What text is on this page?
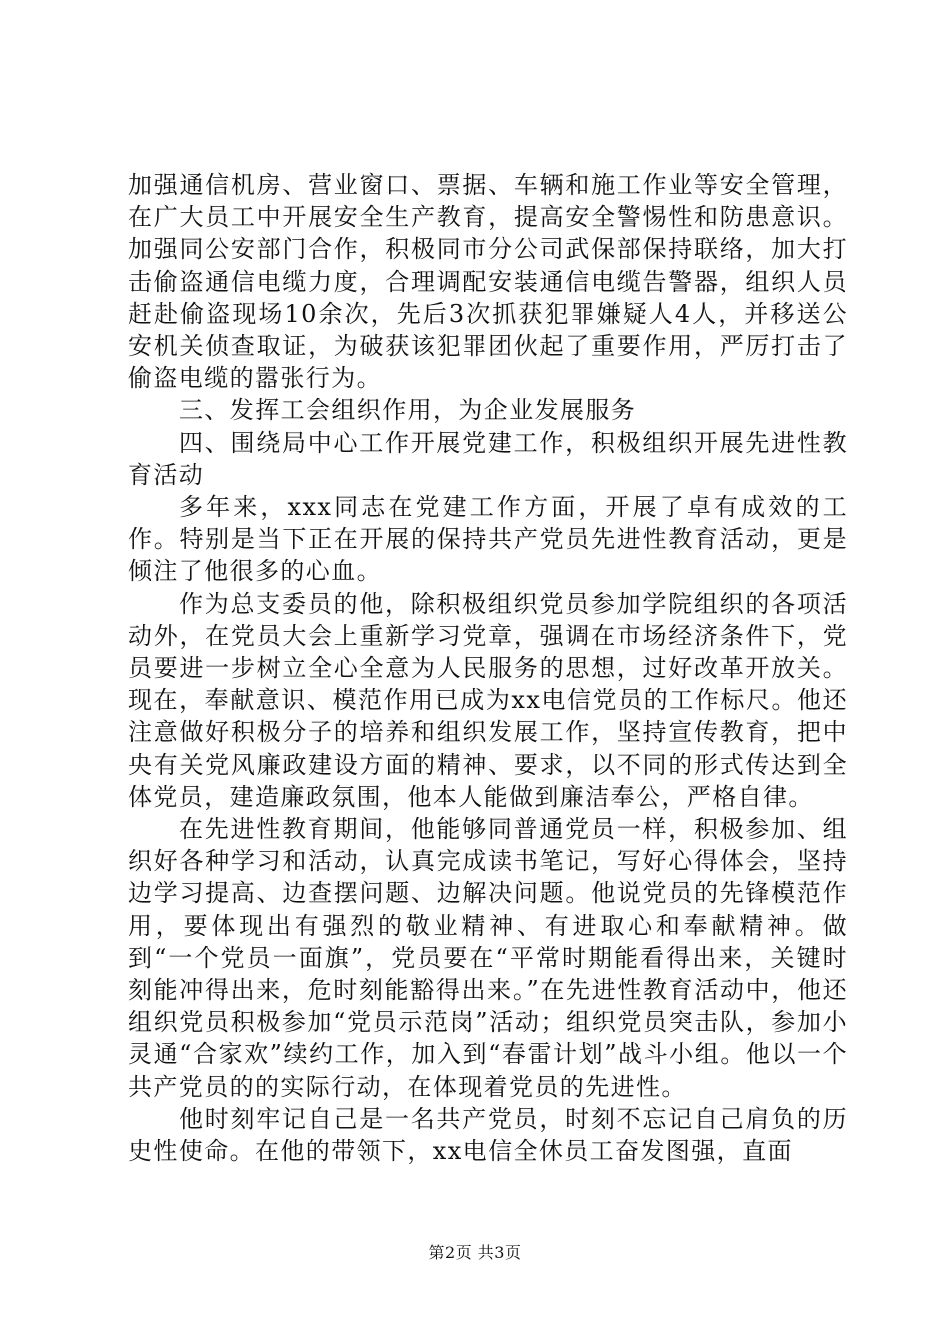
加强通信机房、营业窗口、票据、车辆和施工作业等安全管理，在广大员工中开展安全生产教育，提高安全警惕性和防患意识。加强同公安部门合作，积极同市分公司武保部保持联络，加大打击偷盗通信电缆力度，合理调配安装通信电缆告警器，组织人员赶赴偷盗现场10余次，先后3次抓获犯罪嫌疑人4人，并移送公安机关侦查取证，为破获该犯罪团伙起了重要作用，严厉打击了偷盗电缆的嚣张行为。

三、发挥工会组织作用，为企业发展服务

四、围绕局中心工作开展党建工作，积极组织开展先进性教育活动

多年来，xxx同志在党建工作方面，开展了卓有成效的工作。特别是当下正在开展的保持共产党员先进性教育活动，更是倾注了他很多的心血。

作为总支委员的他，除积极组织党员参加学院组织的各项活动外，在党员大会上重新学习党章，强调在市场经济条件下，党员要进一步树立全心全意为人民服务的思想，过好改革开放关。现在，奉献意识、模范作用已成为xx电信党员的工作标尺。他还注意做好积极分子的培养和组织发展工作，坚持宣传教育，把中央有关党风廉政建设方面的精神、要求，以不同的形式传达到全体党员，建造廉政氛围，他本人能做到廉洁奉公，严格自律。

在先进性教育期间，他能够同普通党员一样，积极参加、组织好各种学习和活动，认真完成读书笔记，写好心得体会，坚持边学习提高、边查摆问题、边解决问题。他说党员的先锋模范作用，要体现出有强烈的敬业精神、有进取心和奉献精神。做到“一个党员一面旗”，党员要在“平常时期能看得出来，关键时刻能冲得出来，危时刻能豁得出来。”在先进性教育活动中，他还组织党员积极参加“党员示范岗”活动；组织党员突击队，参加小灵通“合家欢”续约工作，加入到“春雷计划”战斗小组。他以一个共产党员的的实际行动，在体现着党员的先进性。

他时刻牢记自己是一名共产党员，时刻不忘记自己肩负的历史性使命。在他的带领下，xx电信全休员工奋发图强，直面

第2页 共3页
